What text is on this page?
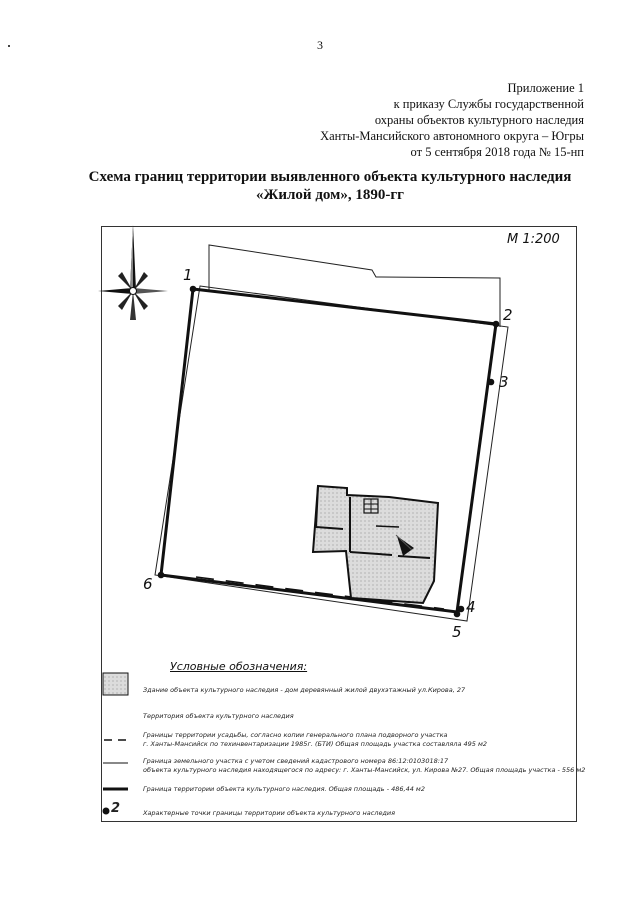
3
Приложение 1
к приказу Службы государственной
охраны объектов культурного наследия
Ханты-Мансийского автономного округа – Югры
от 5 сентября 2018 года № 15-нп
Схема границ территории выявленного объекта культурного наследия
«Жилой дом», 1890-гг
М 1:200
1
2
3
4
5
6
Условные обозначения:
Здание объекта культурного наследия - дом деревянный жилой двухэтажный ул.Кирова, 27
Территория объекта культурного наследия
Границы территории усадьбы, согласно копии генерального плана подворного участка
г. Ханты-Мансийск по техинвентаризации 1985г. (БТИ) Общая площадь участка составляла 495 м2
Граница земельного участка с учетом сведений кадастрового номера 86:12:0103018:17
объекта культурного наследия находящегося по адресу: г. Ханты-Мансийск, ул. Кирова №27. Общая площадь участка - 556 м2
Граница территории объекта культурного наследия. Общая площадь - 486,44 м2
2	Характерные точки границы территории объекта культурного наследия
